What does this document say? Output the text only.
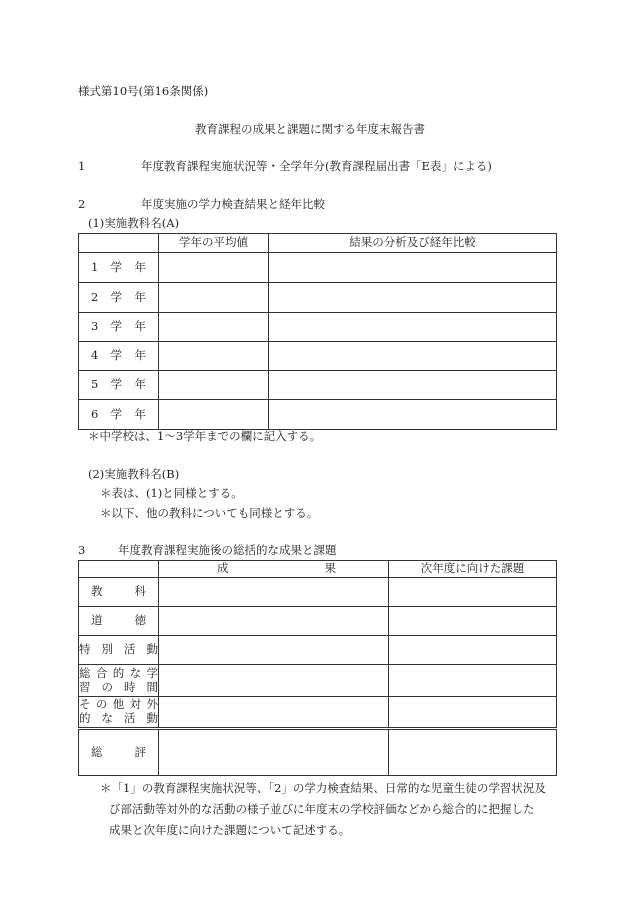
様式第10号(第16条関係)
教育課程の成果と課題に関する年度末報告書
1	年度教育課程実施状況等・全学年分(教育課程届出書「E表」による)
2	年度実施の学力検査結果と経年比較
(1)実施教科名(A)
	学年の平均値	結果の分析及び経年比較

1 学 年		

2 学 年		

3 学 年		

4 学 年		

5 学 年		

6 学 年		

＊中学校は、1〜3学年までの欄に記入する。
(2)実施教科名(B)
＊表は、(1)と同様とする。
＊以下、他の教科についても同様とする。
3	年度教育課程実施後の総括的な成果と課題

	成 果	次年度に向けた課題

教 科		

道 徳		

特別活動		

総合的な学
習の時間		

その他対外
的な活動		

総 評		

＊「1」の教育課程実施状況等、「2」の学力検査結果、日常的な児童生徒の学習状況及
び部活動等対外的な活動の様子並びに年度末の学校評価などから総合的に把握した
成果と次年度に向けた課題について記述する。
